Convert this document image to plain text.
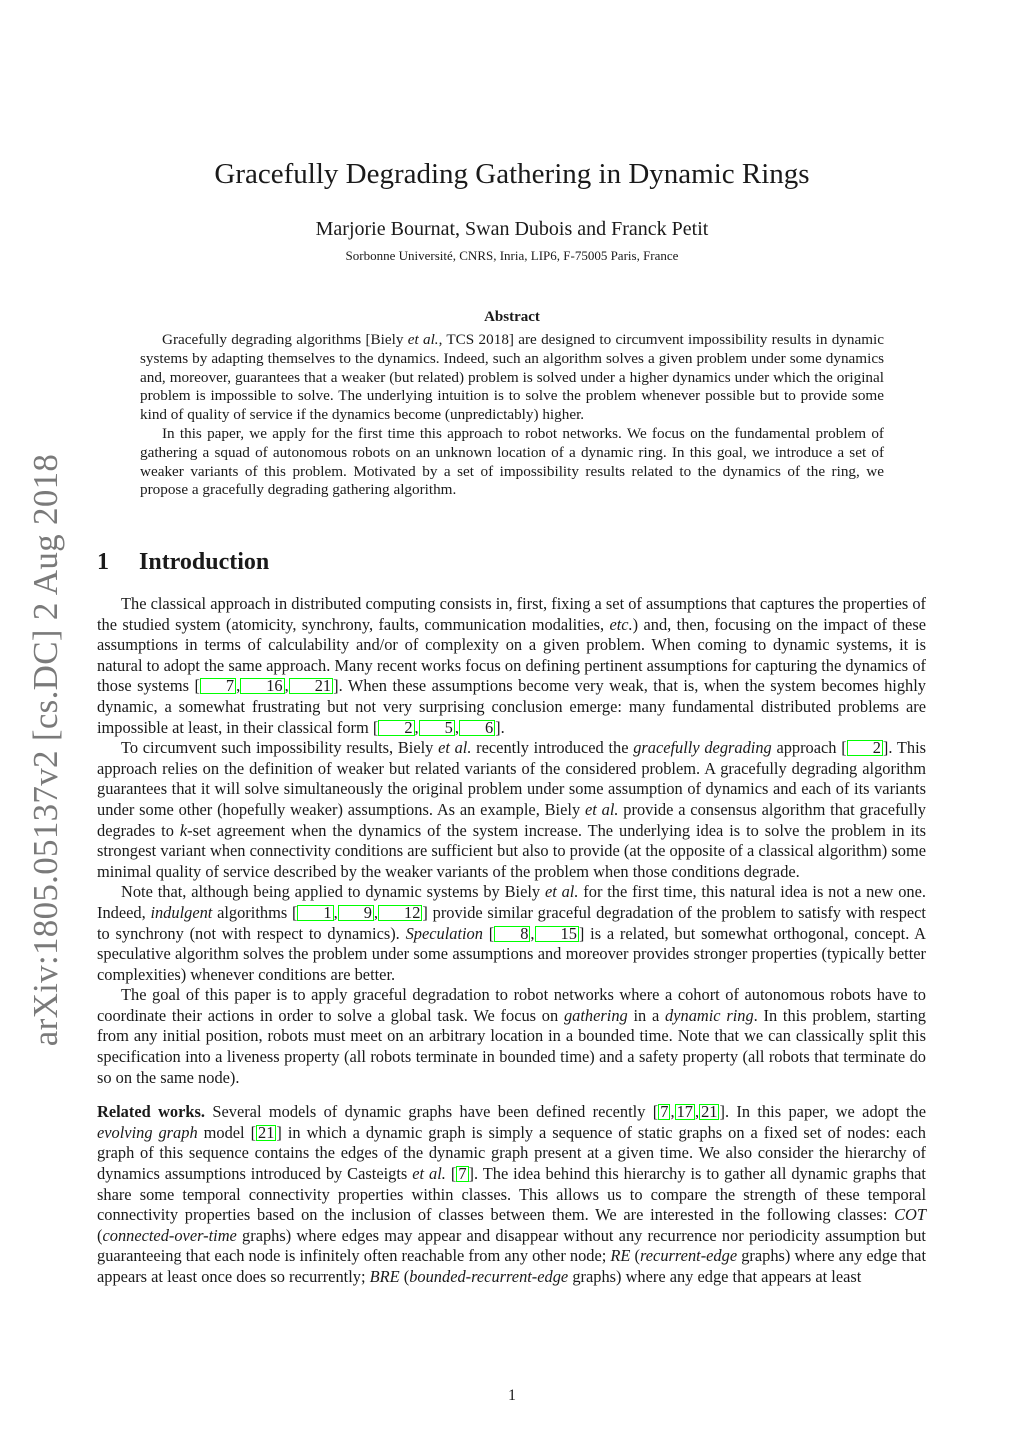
arXiv:1805.05137v2 [cs.DC] 2 Aug 2018
Gracefully Degrading Gathering in Dynamic Rings
Marjorie Bournat, Swan Dubois and Franck Petit
Sorbonne Université, CNRS, Inria, LIP6, F-75005 Paris, France
Abstract

Gracefully degrading algorithms [Biely et al., TCS 2018] are designed to circumvent impossibility results in dynamic systems by adapting themselves to the dynamics. Indeed, such an algorithm solves a given problem under some dynamics and, moreover, guarantees that a weaker (but related) problem is solved under a higher dynamics under which the original problem is impossible to solve. The underlying intuition is to solve the problem whenever possible but to provide some kind of quality of service if the dynamics become (unpredictably) higher.

In this paper, we apply for the first time this approach to robot networks. We focus on the fundamental problem of gathering a squad of autonomous robots on an unknown location of a dynamic ring. In this goal, we introduce a set of weaker variants of this problem. Motivated by a set of impossibility results related to the dynamics of the ring, we propose a gracefully degrading gathering algorithm.

1 Introduction

The classical approach in distributed computing consists in, first, fixing a set of assumptions that captures the properties of the studied system (atomicity, synchrony, faults, communication modalities, etc.) and, then, focusing on the impact of these assumptions in terms of calculability and/or of complexity on a given problem. When coming to dynamic systems, it is natural to adopt the same approach. Many recent works focus on defining pertinent assumptions for capturing the dynamics of those systems [ 7 , 16 , 21 ]. When these assumptions become very weak, that is, when the system becomes highly dynamic, a somewhat frustrating but not very surprising conclusion emerge: many fundamental distributed problems are impossible at least, in their classical form [ 2 , 5 , 6 ].

To circumvent such impossibility results, Biely et al. recently introduced the gracefully degrading approach [ 2 ]. This approach relies on the definition of weaker but related variants of the considered problem. A gracefully degrading algorithm guarantees that it will solve simultaneously the original problem under some assumption of dynamics and each of its variants under some other (hopefully weaker) assumptions. As an example, Biely et al. provide a consensus algorithm that gracefully degrades to k-set agreement when the dynamics of the system increase. The underlying idea is to solve the problem in its strongest variant when connectivity conditions are sufficient but also to provide (at the opposite of a classical algorithm) some minimal quality of service described by the weaker variants of the problem when those conditions degrade.

Note that, although being applied to dynamic systems by Biely et al. for the first time, this natural idea is not a new one. Indeed, indulgent algorithms [ 1 , 9 , 12 ] provide similar graceful degradation of the problem to satisfy with respect to synchrony (not with respect to dynamics). Speculation [ 8 , 15 ] is a related, but somewhat orthogonal, concept. A speculative algorithm solves the problem under some assumptions and moreover provides stronger properties (typically better complexities) whenever conditions are better.

The goal of this paper is to apply graceful degradation to robot networks where a cohort of autonomous robots have to coordinate their actions in order to solve a global task. We focus on gathering in a dynamic ring. In this problem, starting from any initial position, robots must meet on an arbitrary location in a bounded time. Note that we can classically split this specification into a liveness property (all robots terminate in bounded time) and a safety property (all robots that terminate do so on the same node).

Related works. Several models of dynamic graphs have been defined recently [ 7 , 17 , 21 ]. In this paper, we adopt the evolving graph model [ 21 ] in which a dynamic graph is simply a sequence of static graphs on a fixed set of nodes: each graph of this sequence contains the edges of the dynamic graph present at a given time. We also consider the hierarchy of dynamics assumptions introduced by Casteigts et al. [ 7 ]. The idea behind this hierarchy is to gather all dynamic graphs that share some temporal connectivity properties within classes. This allows us to compare the strength of these temporal connectivity properties based on the inclusion of classes between them. We are interested in the following classes: COT (connected-over-time graphs) where edges may appear and disappear without any recurrence nor periodicity assumption but guaranteeing that each node is infinitely often reachable from any other node; RE (recurrent-edge graphs) where any edge that appears at least once does so recurrently; BRE (bounded-recurrent-edge graphs) where any edge that appears at least

1
